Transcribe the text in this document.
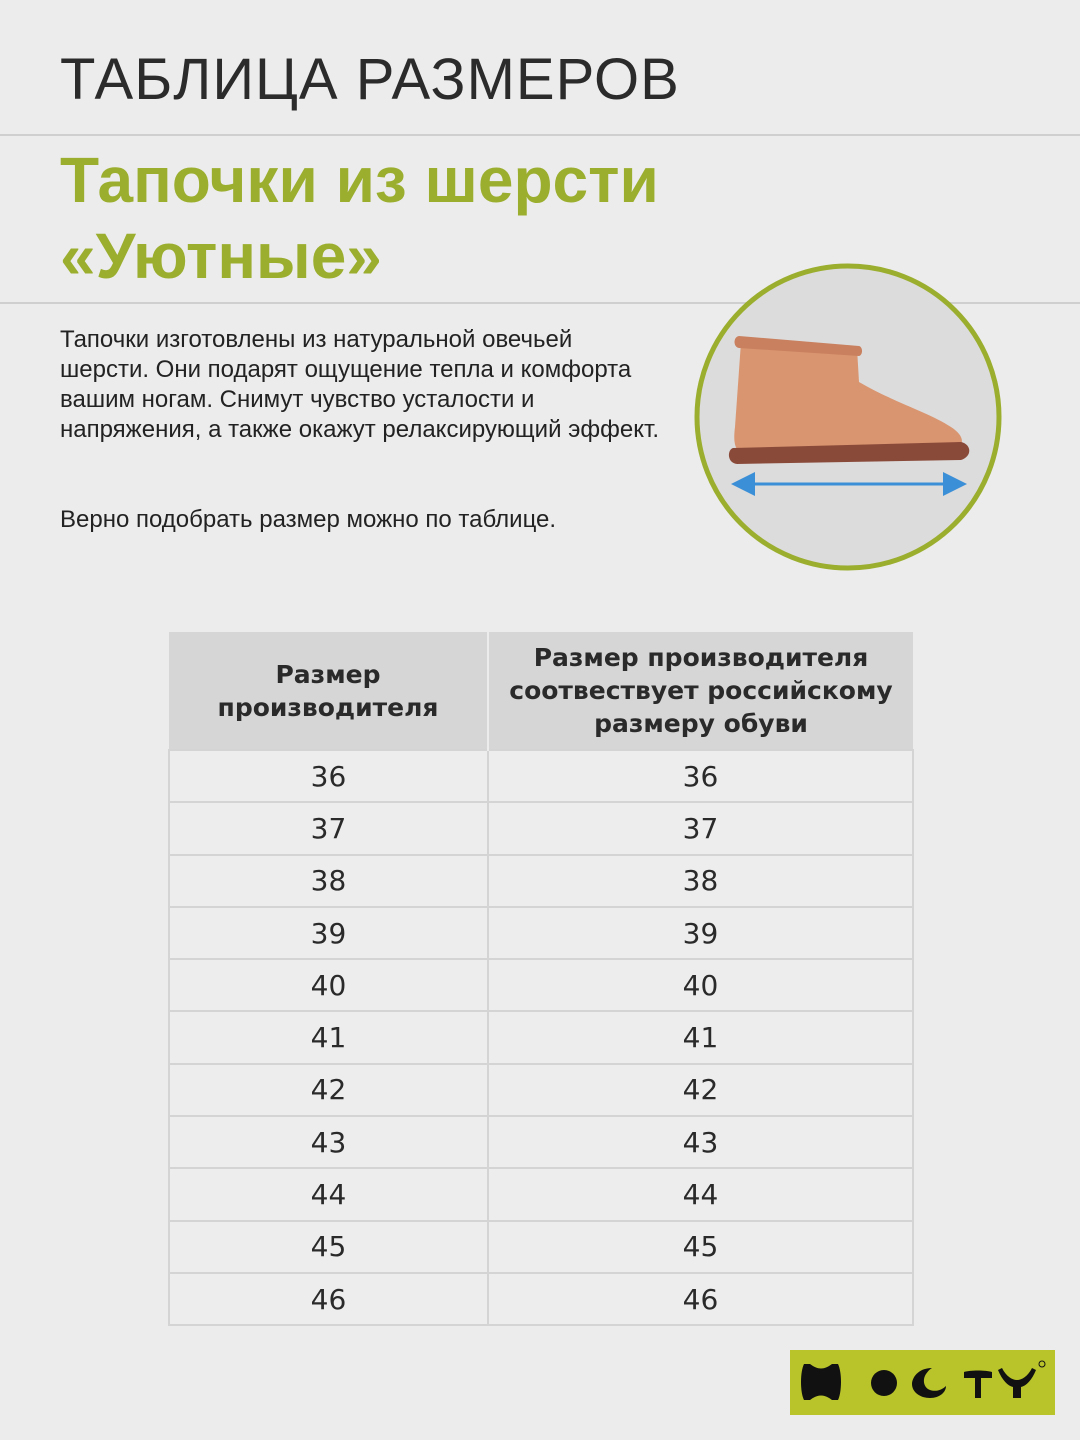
ТАБЛИЦА РАЗМЕРОВ
Тапочки из шерсти
«Уютные»

Тапочки изготовлены из натуральной овечьей шерсти. Они подарят ощущение тепла и комфорта вашим ногам. Снимут чувство усталости и напряжения, а также окажут релаксирующий эффект.

Верно подобрать размер можно по таблице.

Размер производителя	Размер производителя соотвествует российскому размеру обуви
36	36
37	37
38	38
39	39
40	40
41	41
42	42
43	43
44	44
45	45
46	46
